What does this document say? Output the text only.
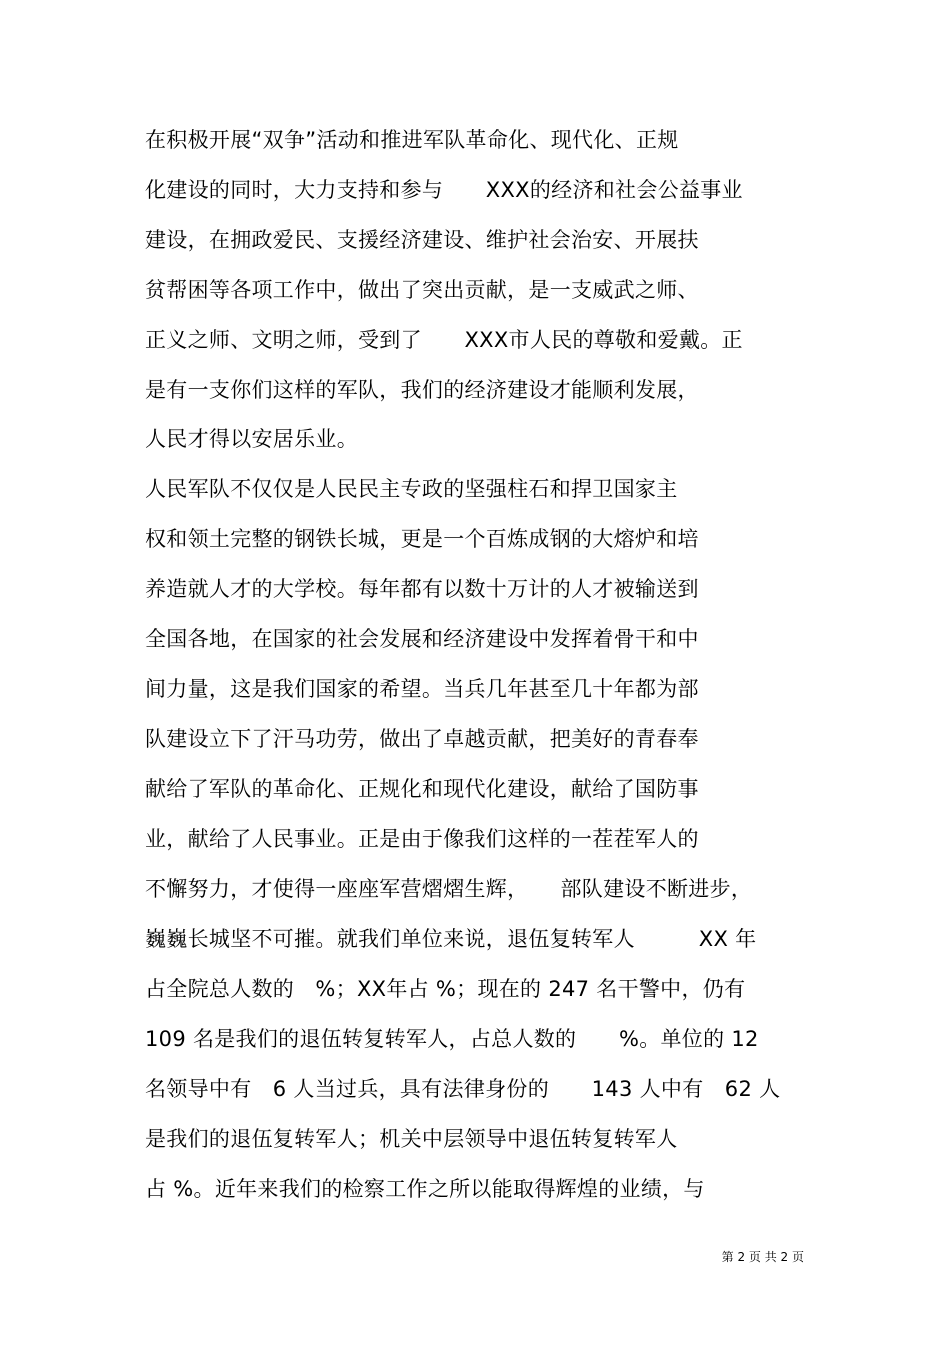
在积极开展“双争”活动和推进军队革命化、现代化、正规
化建设的同时，大力支持和参与　　XXX的经济和社会公益事业
建设，在拥政爱民、支援经济建设、维护社会治安、开展扶
贫帮困等各项工作中，做出了突出贡献，是一支威武之师、
正义之师、文明之师，受到了　　XXX市人民的尊敬和爱戴。正
是有一支你们这样的军队，我们的经济建设才能顺利发展，
人民才得以安居乐业。
人民军队不仅仅是人民民主专政的坚强柱石和捍卫国家主
权和领土完整的钢铁长城，更是一个百炼成钢的大熔炉和培
养造就人才的大学校。每年都有以数十万计的人才被输送到
全国各地，在国家的社会发展和经济建设中发挥着骨干和中
间力量，这是我们国家的希望。当兵几年甚至几十年都为部
队建设立下了汗马功劳，做出了卓越贡献，把美好的青春奉
献给了军队的革命化、正规化和现代化建设，献给了国防事
业，献给了人民事业。正是由于像我们这样的一茬茬军人的
不懈努力，才使得一座座军营熠熠生辉，　　部队建设不断进步，
巍巍长城坚不可摧。就我们单位来说，退伍复转军人　　　XX 年
占全院总人数的　%；XX年占 %；现在的 247 名干警中，仍有
109 名是我们的退伍转复转军人，占总人数的　　%。单位的 12
名领导中有　6 人当过兵，具有法律身份的　　143 人中有　62 人
是我们的退伍复转军人；机关中层领导中退伍转复转军人
占 %。近年来我们的检察工作之所以能取得辉煌的业绩，与
第 2 页 共 2 页
